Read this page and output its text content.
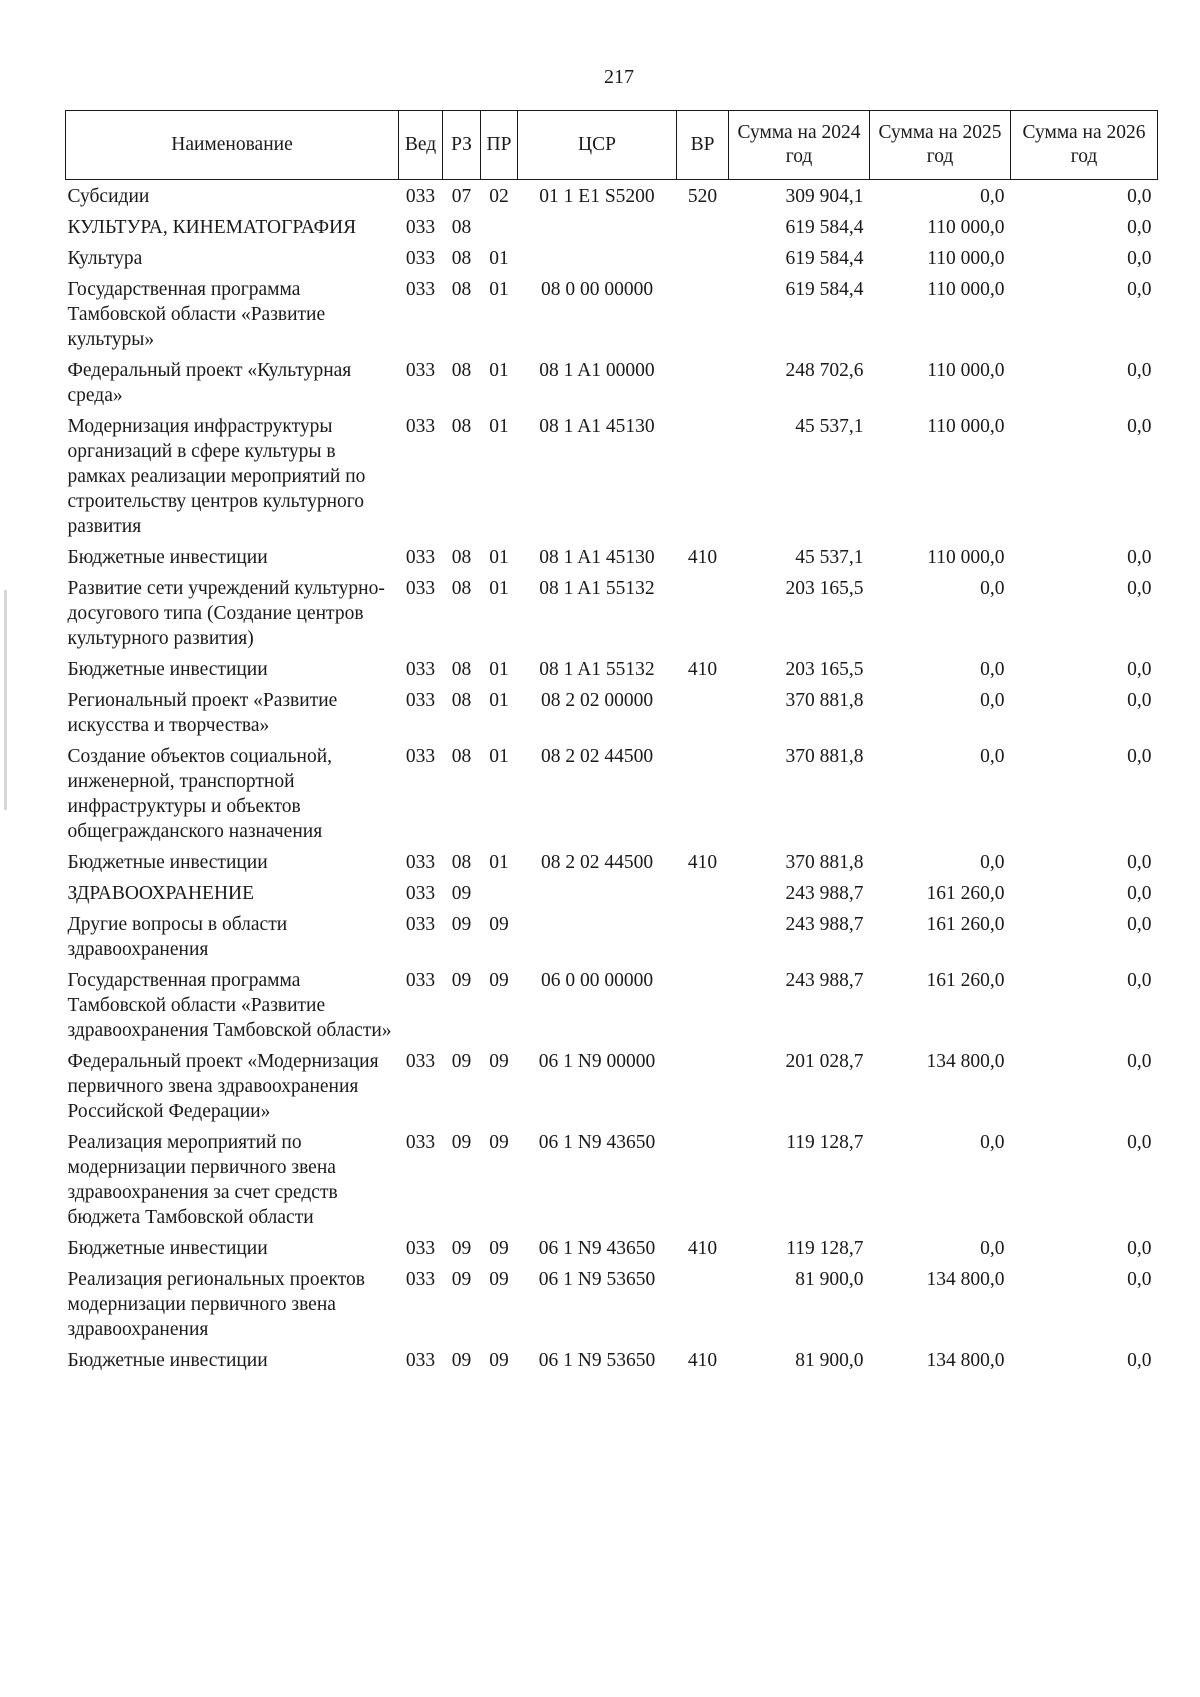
217
Наименование	Вед	РЗ	ПР	ЦСР	ВР	Сумма на 2024 год	Сумма на 2025 год	Сумма на 2026 год
Субсидии	033	07	02	01 1 E1 S5200	520	309 904,1	0,0	0,0
КУЛЬТУРА, КИНЕМАТОГРАФИЯ	033	08				619 584,4	110 000,0	0,0
Культура	033	08	01			619 584,4	110 000,0	0,0
Государственная программа Тамбовской области «Развитие культуры»	033	08	01	08 0 00 00000		619 584,4	110 000,0	0,0
Федеральный проект «Культурная среда»	033	08	01	08 1 A1 00000		248 702,6	110 000,0	0,0
Модернизация инфраструктуры организаций в сфере культуры в рамках реализации мероприятий по строительству центров культурного развития	033	08	01	08 1 A1 45130		45 537,1	110 000,0	0,0
Бюджетные инвестиции	033	08	01	08 1 A1 45130	410	45 537,1	110 000,0	0,0
Развитие сети учреждений культурно-досугового типа (Создание центров культурного развития)	033	08	01	08 1 A1 55132		203 165,5	0,0	0,0
Бюджетные инвестиции	033	08	01	08 1 A1 55132	410	203 165,5	0,0	0,0
Региональный проект «Развитие искусства и творчества»	033	08	01	08 2 02 00000		370 881,8	0,0	0,0
Создание объектов социальной, инженерной, транспортной инфраструктуры и объектов общегражданского назначения	033	08	01	08 2 02 44500		370 881,8	0,0	0,0
Бюджетные инвестиции	033	08	01	08 2 02 44500	410	370 881,8	0,0	0,0
ЗДРАВООХРАНЕНИЕ	033	09				243 988,7	161 260,0	0,0
Другие вопросы в области здравоохранения	033	09	09			243 988,7	161 260,0	0,0
Государственная программа Тамбовской области «Развитие здравоохранения Тамбовской области»	033	09	09	06 0 00 00000		243 988,7	161 260,0	0,0
Федеральный проект «Модернизация первичного звена здравоохранения Российской Федерации»	033	09	09	06 1 N9 00000		201 028,7	134 800,0	0,0
Реализация мероприятий по модернизации первичного звена здравоохранения за счет средств бюджета Тамбовской области	033	09	09	06 1 N9 43650		119 128,7	0,0	0,0
Бюджетные инвестиции	033	09	09	06 1 N9 43650	410	119 128,7	0,0	0,0
Реализация региональных проектов модернизации первичного звена здравоохранения	033	09	09	06 1 N9 53650		81 900,0	134 800,0	0,0
Бюджетные инвестиции	033	09	09	06 1 N9 53650	410	81 900,0	134 800,0	0,0
